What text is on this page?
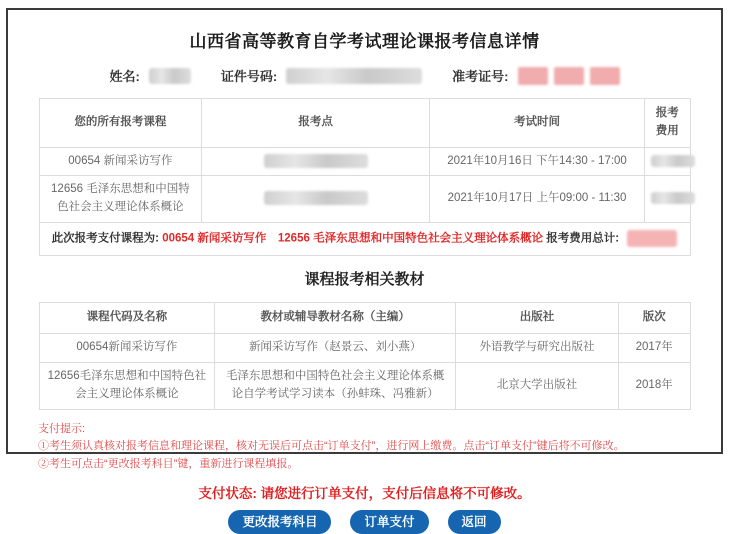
山西省高等教育自学考试理论课报考信息详情
姓名:	证件号码:	准考证号:
您的所有报考课程	报考点	考试时间	报考费用
00654 新闻采访写作		2021年10月16日 下午14:30 - 17:00	
12656 毛泽东思想和中国特色社会主义理论体系概论		2021年10月17日 上午09:00 - 11:30	
此次报考支付课程为: 00654 新闻采访写作　12656 毛泽东思想和中国特色社会主义理论体系概论 报考费用总计:			
课程报考相关教材
课程代码及名称	教材或辅导教材名称（主编）	出版社	版次
00654新闻采访写作	新闻采访写作（赵景云、刘小燕）	外语教学与研究出版社	2017年
12656毛泽东思想和中国特色社会主义理论体系概论	毛泽东思想和中国特色社会主义理论体系概论自学考试学习读本（孙蚌珠、冯雅新）	北京大学出版社	2018年
支付提示:
①考生须认真核对报考信息和理论课程，核对无误后可点击“订单支付”，进行网上缴费。点击“订单支付”键后将不可修改。
②考生可点击“更改报考科目”键，重新进行课程填报。
支付状态: 请您进行订单支付，支付后信息将不可修改。
更改报考科目	订单支付	返回
